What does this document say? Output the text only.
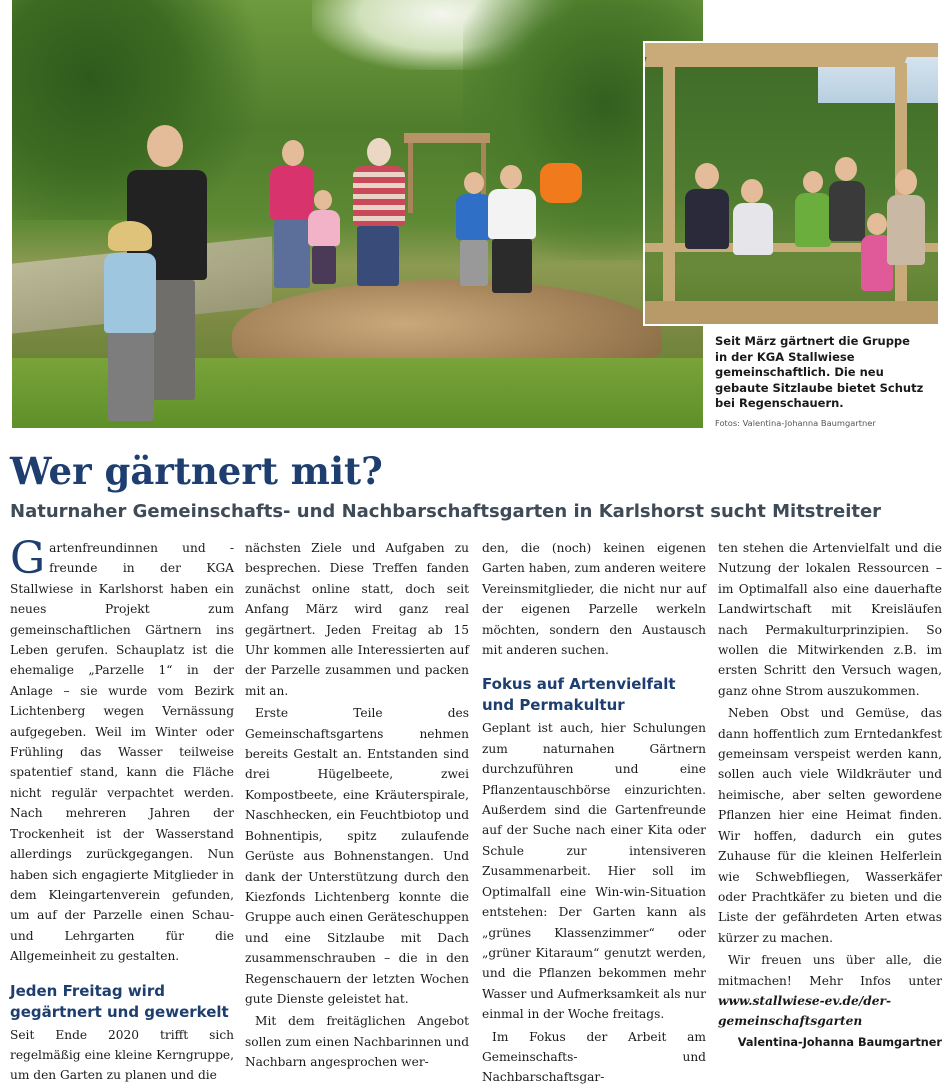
Seit März gärtnert die Gruppe in der KGA Stallwiese gemeinschaftlich. Die neu gebaute Sitzlaube bietet Schutz bei Regenschauern.

Fotos: Valentina-Johanna Baumgartner

Wer gärtnert mit?
Naturnaher Gemeinschafts- und Nachbarschaftsgarten in Karlshorst sucht Mitstreiter

Gartenfreundinnen und -freunde in der KGA Stallwiese in Karlshorst haben ein neues Projekt zum gemeinschaftlichen Gärtnern ins Leben gerufen. Schauplatz ist die ehemalige „Parzelle 1“ in der Anlage – sie wurde vom Bezirk Lichtenberg wegen Vernässung aufgegeben. Weil im Winter oder Frühling das Wasser teilweise spatentief stand, kann die Fläche nicht regulär verpachtet werden. Nach mehreren Jahren der Trockenheit ist der Wasserstand allerdings zurückgegangen. Nun haben sich engagierte Mitglieder in dem Kleingartenverein gefunden, um auf der Parzelle einen Schau- und Lehrgarten für die Allgemeinheit zu gestalten.

Jeden Freitag wird gegärtnert und gewerkelt

Seit Ende 2020 trifft sich regelmäßig eine kleine Kerngruppe, um den Garten zu planen und die

nächsten Ziele und Aufgaben zu besprechen. Diese Treffen fanden zunächst online statt, doch seit Anfang März wird ganz real gegärtnert. Jeden Freitag ab 15 Uhr kommen alle Interessierten auf der Parzelle zusammen und packen mit an.

Erste Teile des Gemeinschaftsgartens nehmen bereits Gestalt an. Entstanden sind drei Hügelbeete, zwei Kompostbeete, eine Kräuterspirale, Naschhecken, ein Feuchtbiotop und Bohnentipis, spitz zulaufende Gerüste aus Bohnenstangen. Und dank der Unterstützung durch den Kiezfonds Lichtenberg konnte die Gruppe auch einen Geräteschuppen und eine Sitzlaube mit Dach zusammenschrauben – die in den Regenschauern der letzten Wochen gute Dienste geleistet hat.

Mit dem freitäglichen Angebot sollen zum einen Nachbarinnen und Nachbarn angesprochen wer-

den, die (noch) keinen eigenen Garten haben, zum anderen weitere Vereinsmitglieder, die nicht nur auf der eigenen Parzelle werkeln möchten, sondern den Austausch mit anderen suchen.

Fokus auf Artenvielfalt und Permakultur

Geplant ist auch, hier Schulungen zum naturnahen Gärtnern durchzuführen und eine Pflanzentauschbörse einzurichten. Außerdem sind die Gartenfreunde auf der Suche nach einer Kita oder Schule zur intensiveren Zusammenarbeit. Hier soll im Optimalfall eine Win-win-Situation entstehen: Der Garten kann als „grünes Klassenzimmer“ oder „grüner Kitaraum“ genutzt werden, und die Pflanzen bekommen mehr Wasser und Aufmerksamkeit als nur einmal in der Woche freitags.

Im Fokus der Arbeit am Gemeinschafts- und Nachbarschaftsgar-

ten stehen die Artenvielfalt und die Nutzung der lokalen Ressourcen – im Optimalfall also eine dauerhafte Landwirtschaft mit Kreisläufen nach Permakulturprinzipien. So wollen die Mitwirkenden z.B. im ersten Schritt den Versuch wagen, ganz ohne Strom auszukommen.

Neben Obst und Gemüse, das dann hoffentlich zum Erntedankfest gemeinsam verspeist werden kann, sollen auch viele Wildkräuter und heimische, aber selten gewordene Pflanzen hier eine Heimat finden. Wir hoffen, dadurch ein gutes Zuhause für die kleinen Helferlein wie Schwebfliegen, Wasserkäfer oder Prachtkäfer zu bieten und die Liste der gefährdeten Arten etwas kürzer zu machen.

Wir freuen uns über alle, die mitmachen! Mehr Infos unter www.stallwiese-ev.de/der-gemeinschaftsgarten

Valentina-Johanna Baumgartner
